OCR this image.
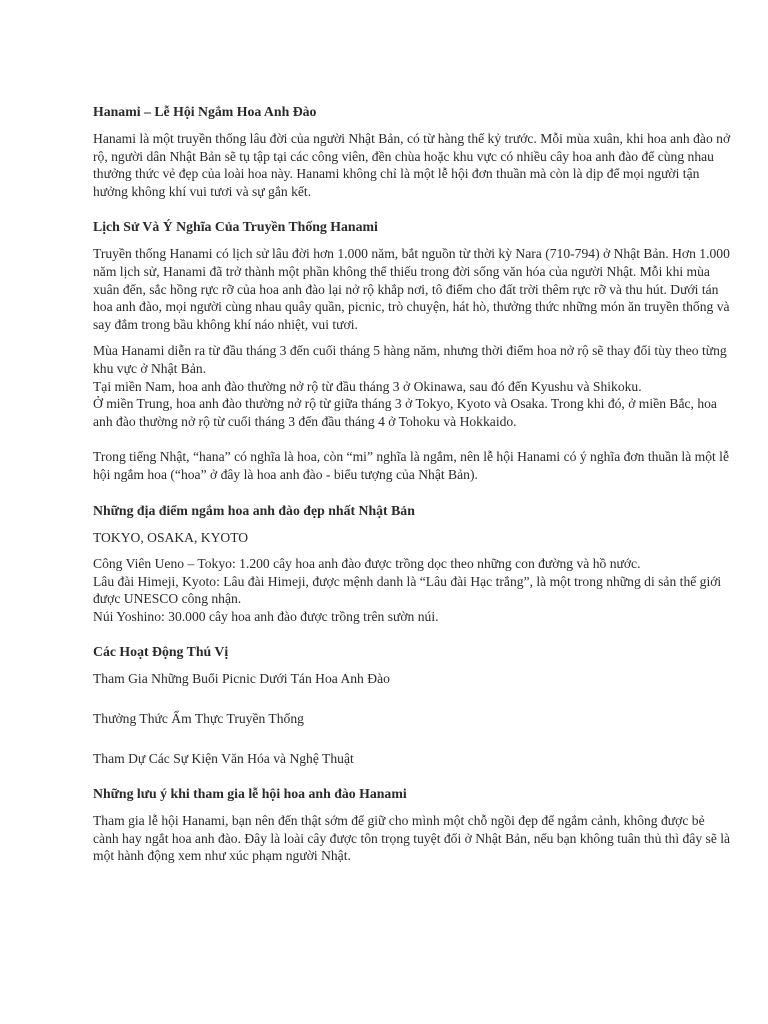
Hanami – Lễ Hội Ngắm Hoa Anh Đào

Hanami là một truyền thống lâu đời của người Nhật Bản, có từ hàng thế kỷ trước. Mỗi mùa xuân, khi hoa anh đào nở rộ, người dân Nhật Bản sẽ tụ tập tại các công viên, đền chùa hoặc khu vực có nhiều cây hoa anh đào để cùng nhau thưởng thức vẻ đẹp của loài hoa này. Hanami không chỉ là một lễ hội đơn thuần mà còn là dịp để mọi người tận hưởng không khí vui tươi và sự gắn kết.

Lịch Sử Và Ý Nghĩa Của Truyền Thống Hanami

Truyền thống Hanami có lịch sử lâu đời hơn 1.000 năm, bắt nguồn từ thời kỳ Nara (710-794) ở Nhật Bản. Hơn 1.000 năm lịch sử, Hanami đã trở thành một phần không thể thiếu trong đời sống văn hóa của người Nhật. Mỗi khi mùa xuân đến, sắc hồng rực rỡ của hoa anh đào lại nở rộ khắp nơi, tô điểm cho đất trời thêm rực rỡ và thu hút. Dưới tán hoa anh đào, mọi người cùng nhau quây quần, picnic, trò chuyện, hát hò, thưởng thức những món ăn truyền thống và say đắm trong bầu không khí náo nhiệt, vui tươi.

Mùa Hanami diễn ra từ đầu tháng 3 đến cuối tháng 5 hàng năm, nhưng thời điểm hoa nở rộ sẽ thay đổi tùy theo từng khu vực ở Nhật Bản.

Tại miền Nam, hoa anh đào thường nở rộ từ đầu tháng 3 ở Okinawa, sau đó đến Kyushu và Shikoku.

Ở miền Trung, hoa anh đào thường nở rộ từ giữa tháng 3 ở Tokyo, Kyoto và Osaka. Trong khi đó, ở miền Bắc, hoa anh đào thường nở rộ từ cuối tháng 3 đến đầu tháng 4 ở Tohoku và Hokkaido.

Trong tiếng Nhật, “hana” có nghĩa là hoa, còn “mi” nghĩa là ngắm, nên lễ hội Hanami có ý nghĩa đơn thuần là một lễ hội ngắm hoa (“hoa” ở đây là hoa anh đào - biểu tượng của Nhật Bản).

Những địa điểm ngắm hoa anh đào đẹp nhất Nhật Bản

TOKYO, OSAKA, KYOTO

Công Viên Ueno – Tokyo: 1.200 cây hoa anh đào được trồng dọc theo những con đường và hồ nước.

Lâu đài Himeji, Kyoto: Lâu đài Himeji, được mệnh danh là “Lâu đài Hạc trắng”, là một trong những di sản thế giới được UNESCO công nhận.

Núi Yoshino: 30.000 cây hoa anh đào được trồng trên sườn núi.

Các Hoạt Động Thú Vị

Tham Gia Những Buổi Picnic Dưới Tán Hoa Anh Đào

Thưởng Thức Ẩm Thực Truyền Thống

Tham Dự Các Sự Kiện Văn Hóa và Nghệ Thuật

Những lưu ý khi tham gia lễ hội hoa anh đào Hanami

Tham gia lễ hội Hanami, bạn nên đến thật sớm để giữ cho mình một chỗ ngồi đẹp để ngắm cảnh, không được bẻ cành hay ngắt hoa anh đào. Đây là loài cây được tôn trọng tuyệt đối ở Nhật Bản, nếu bạn không tuân thủ thì đây sẽ là một hành động xem như xúc phạm người Nhật.
